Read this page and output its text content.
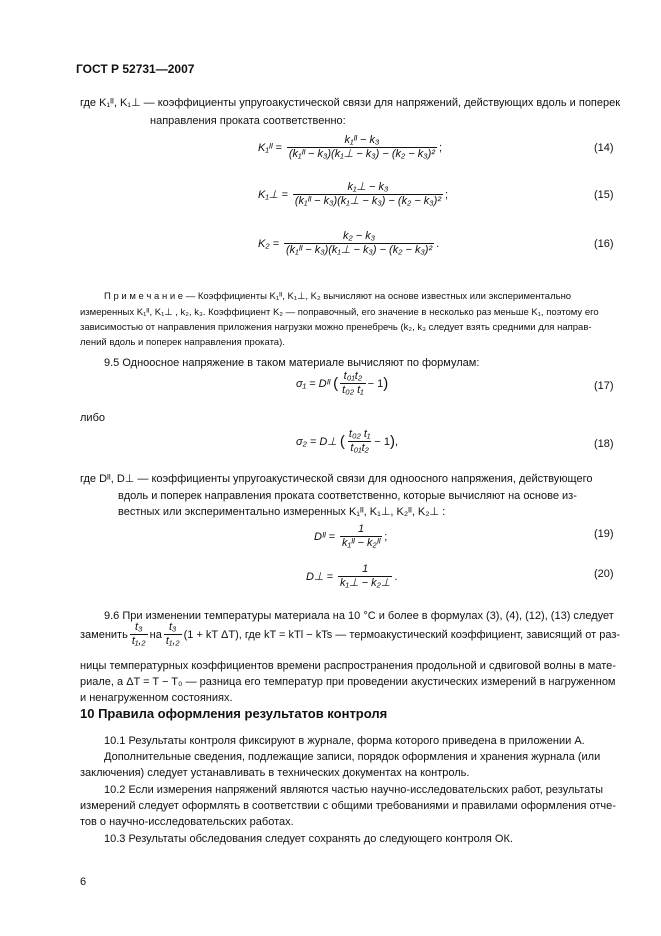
ГОСТ Р 52731—2007
где K₁ᴵᴵ, K₁⊥ — коэффициенты упругоакустической связи для напряжений, действующих вдоль и поперек
направления проката соответственно:
K₁ᴵᴵ = $\frac{\text{k₁ᴵᴵ − k₃}}{\text{(k₁ᴵᴵ − k₃)(k₁⊥ − k₃) − (k₂ − k₃)²}}$ ;	(14)
K₁⊥ = $\frac{\text{k₁⊥ − k₃}}{\text{(k₁ᴵᴵ − k₃)(k₁⊥ − k₃) − (k₂ − k₃)²}}$ ;	(15)
$K_2 = \frac{\text{k₂ − k₃}}{\text{(k₁ᴵᴵ − k₃)(k₁⊥ − k₃) − (k₂ − k₃)²}}$ .	(16)
П р и м е ч а н и е — Коэффициенты K₁ᴵᴵ, K₁⊥, K₂ вычисляют на основе известных или экспериментально
измеренных K₁ᴵᴵ, K₁⊥ , k₂, k₃. Коэффициент K₂ — поправочный, его значение в несколько раз меньше K₁, поэтому его
зависимостью от направления приложения нагрузки можно пренебречь (k₂, k₃ следует взять средними для направ-
лений вдоль и поперек направления проката).
9.5 Одноосное напряжение в таком материале вычисляют по формулам:
σ₁ = Dᴵᴵ ( $\frac{\text{t₀₁t₂}}{\text{t₀₂ t₁}} - 1$ )	(17)
либо
σ₂ = D⊥ ( $\frac{\text{t₀₂ t₁}}{\text{t₀₁t₂}} - 1$ ) ,	(18)
где Dᴵᴵ, D⊥ — коэффициенты упругоакустической связи для одноосного напряжения, действующего
вдоль и поперек направления проката соответственно, которые вычисляют на основе из-
вестных или экспериментально измеренных K₁ᴵᴵ, K₁⊥, K₂ᴵᴵ, K₂⊥ :
Dᴵᴵ = $\frac{1}{\text{k₁ᴵᴵ − k₂ᴵᴵ}}$ ;	(19)
D⊥ = $\frac{1}{\text{k₁⊥ − k₂⊥}}$ .	(20)
9.6 При изменении температуры материала на 10 °С и более в формулах (3), (4), (12), (13) следует
заменить $\frac{\text{t₃}}{\text{t₁,₂}}$ на $\frac{\text{t₃}}{\text{t₁,₂}} (1$ + kT ΔT), где kT = kTl − kTs — термоакустический коэффициент, зависящий от раз-
ницы температурных коэффициентов времени распространения продольной и сдвиговой волны в мате-
риале, а ΔT = T − T₀ — разница его температур при проведении акустических измерений в нагруженном
и ненагруженном состояниях.
10 Правила оформления результатов контроля
10.1 Результаты контроля фиксируют в журнале, форма которого приведена в приложении А.
Дополнительные сведения, подлежащие записи, порядок оформления и хранения журнала (или
заключения) следует устанавливать в технических документах на контроль.
10.2 Если измерения напряжений являются частью научно-исследовательских работ, результаты
измерений следует оформлять в соответствии с общими требованиями и правилами оформления отче-
тов о научно-исследовательских работах.
10.3 Результаты обследования следует сохранять до следующего контроля ОК.
6
